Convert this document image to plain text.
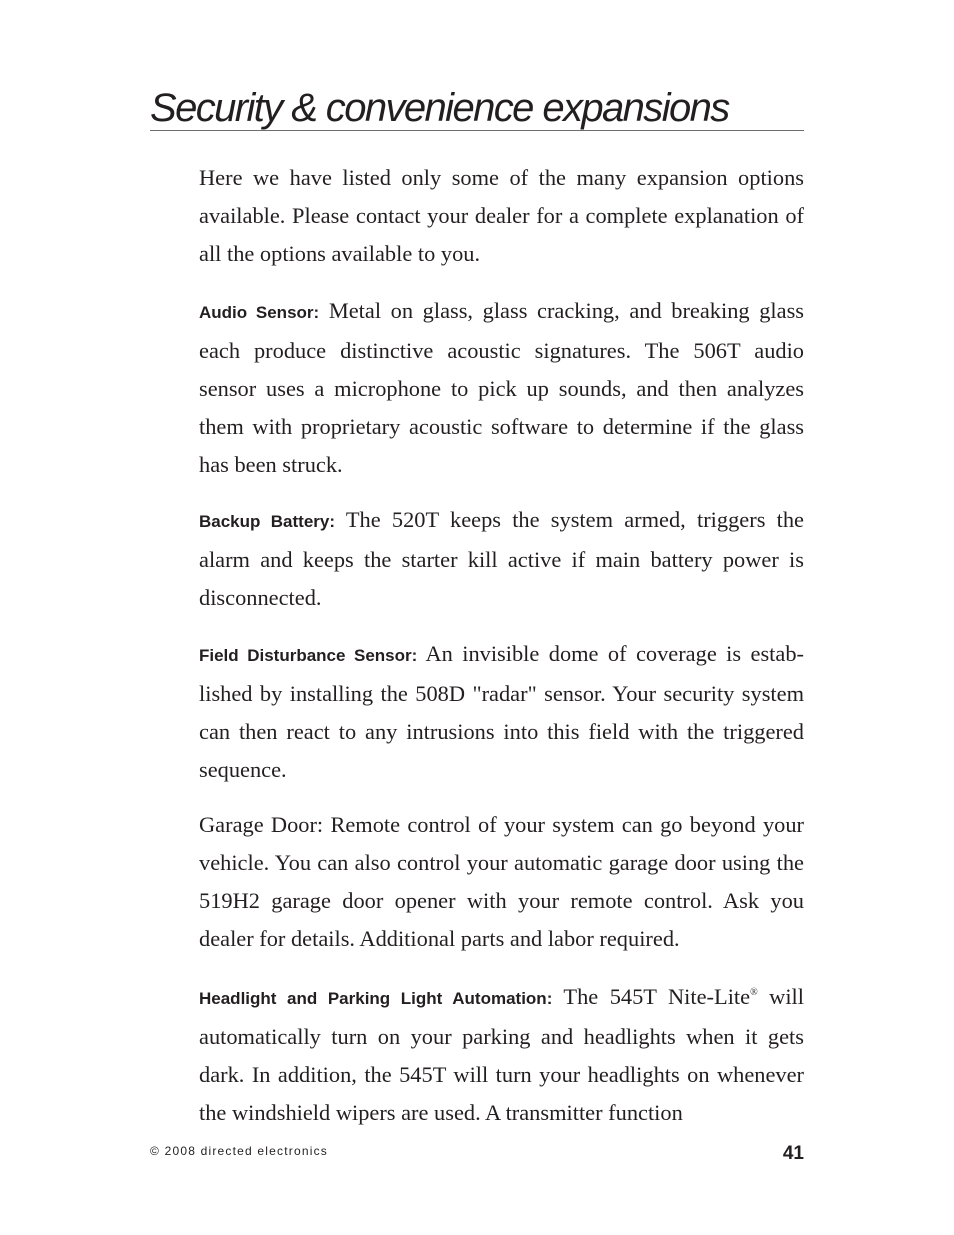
Security & convenience expansions

Here we have listed only some of the many expansion options available. Please contact your dealer for a complete explanation of all the options available to you.

Audio Sensor: Metal on glass, glass cracking, and breaking glass each produce distinctive acoustic signatures. The 506T audio sensor uses a microphone to pick up sounds, and then analyzes them with proprietary acoustic software to determine if the glass has been struck.

Backup Battery: The 520T keeps the system armed, triggers the alarm and keeps the starter kill active if main battery power is disconnected.

Field Disturbance Sensor: An invisible dome of coverage is estab-lished by installing the 508D "radar" sensor. Your security system can then react to any intrusions into this field with the triggered sequence.

Garage Door: Remote control of your system can go beyond your vehicle. You can also control your automatic garage door using the 519H2 garage door opener with your remote control. Ask you dealer for details. Additional parts and labor required.

Headlight and Parking Light Automation: The 545T Nite-Lite® will automatically turn on your parking and headlights when it gets dark. In addition, the 545T will turn your headlights on whenever the windshield wipers are used. A transmitter function

© 2008 directed electronics	41
